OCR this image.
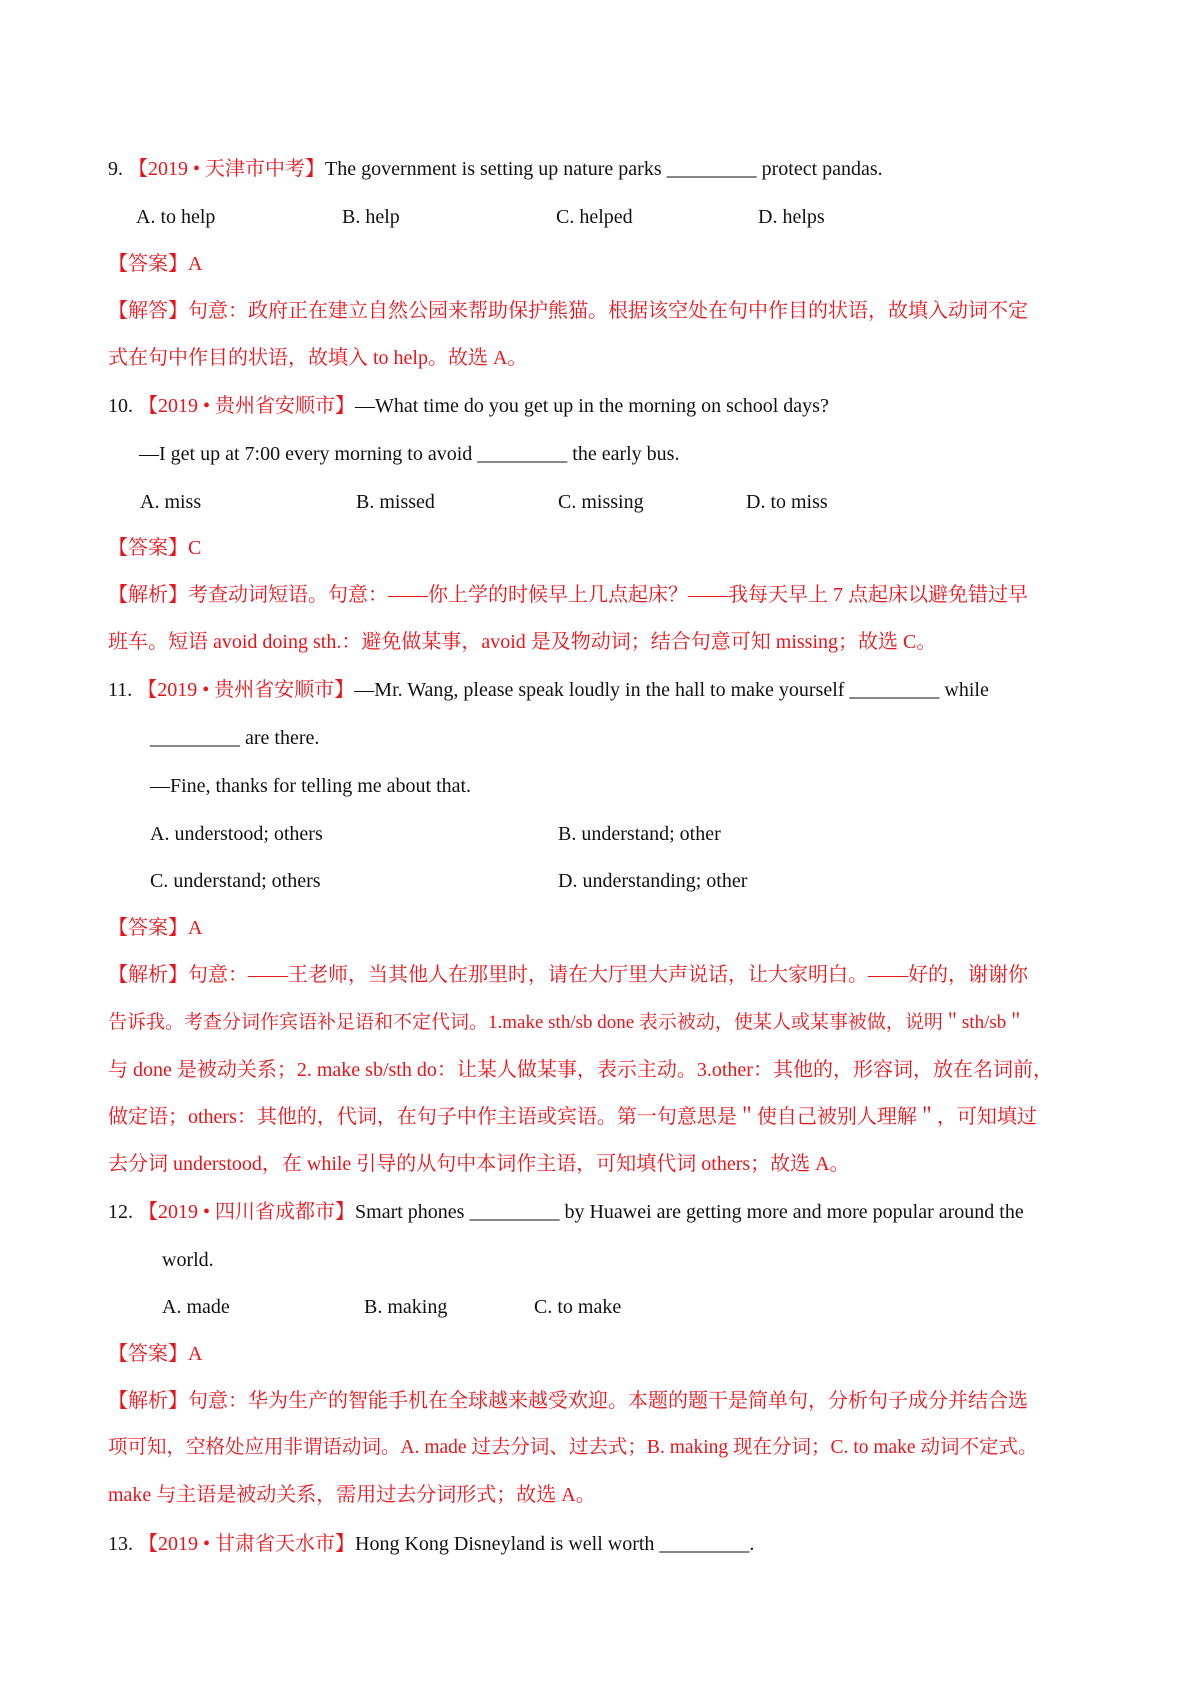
9. 【2019 • 天津市中考】The government is setting up nature parks _________ protect pandas.
A. to help	B. help	C. helped	D. helps
【答案】A
【解答】句意：政府正在建立自然公园来帮助保护熊猫。根据该空处在句中作目的状语，故填入动词不定
式在句中作目的状语，故填入 to help。故选 A。
10. 【2019 • 贵州省安顺市】—What time do you get up in the morning on school days?
—I get up at 7:00 every morning to avoid _________ the early bus.
A. miss	B. missed	C. missing	D. to miss
【答案】C
【解析】考查动词短语。句意：——你上学的时候早上几点起床？——我每天早上 7 点起床以避免错过早
班车。短语 avoid doing sth.：避免做某事，avoid 是及物动词；结合句意可知 missing；故选 C。
11. 【2019 • 贵州省安顺市】—Mr. Wang, please speak loudly in the hall to make yourself _________ while
_________ are there.
—Fine, thanks for telling me about that.
A. understood; others	B. understand; other
C. understand; others	D. understanding; other
【答案】A
【解析】句意：——王老师，当其他人在那里时，请在大厅里大声说话，让大家明白。——好的，谢谢你
告诉我。考查分词作宾语补足语和不定代词。1.make sth/sb done 表示被动，使某人或某事被做，说明＂sth/sb＂
与 done 是被动关系；2. make sb/sth do：让某人做某事，表示主动。3.other：其他的，形容词，放在名词前，
做定语；others：其他的，代词，在句子中作主语或宾语。第一句意思是＂使自己被别人理解＂，可知填过
去分词 understood，在 while 引导的从句中本词作主语，可知填代词 others；故选 A。
12. 【2019 • 四川省成都市】Smart phones _________ by Huawei are getting more and more popular around the
world.
A. made	B. making	C. to make
【答案】A
【解析】句意：华为生产的智能手机在全球越来越受欢迎。本题的题干是简单句，分析句子成分并结合选
项可知，空格处应用非谓语动词。A. made 过去分词、过去式；B. making 现在分词；C. to make 动词不定式。
make 与主语是被动关系，需用过去分词形式；故选 A。
13. 【2019 • 甘肃省天水市】Hong Kong Disneyland is well worth _________.
